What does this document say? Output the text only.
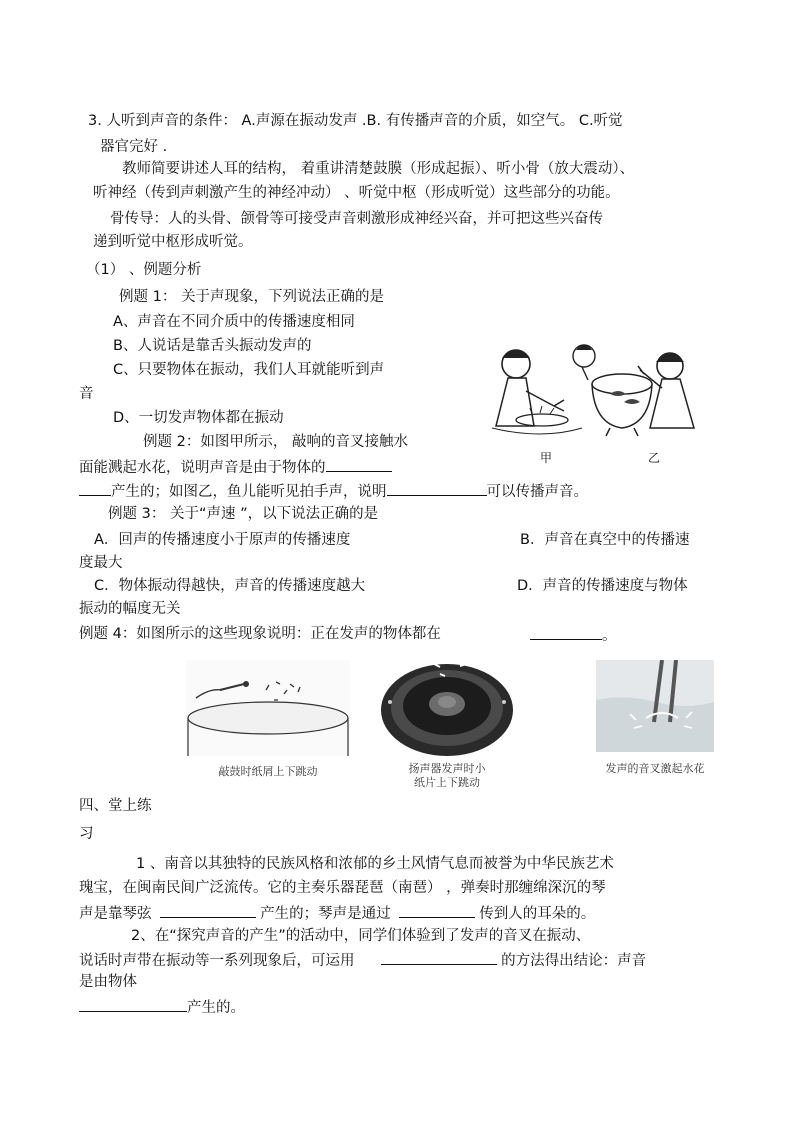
3. 人听到声音的条件： A.声源在振动发声 .B. 有传播声音的介质，如空气。 C.听觉
器官完好 .
教师简要讲述人耳的结构， 着重讲清楚鼓膜（形成起振）、听小骨（放大震动）、
听神经（传到声刺激产生的神经冲动） 、听觉中枢（形成听觉）这些部分的功能。
骨传导：人的头骨、颌骨等可接受声音刺激形成神经兴奋，并可把这些兴奋传
递到听觉中枢形成听觉。
（1） 、例题分析
例题 1： 关于声现象，下列说法正确的是
A、声音在不同介质中的传播速度相同
B、人说话是靠舌头振动发声的
C、只要物体在振动，我们人耳就能听到声
音
D、一切发声物体都在振动
甲	乙
例题 2：如图甲所示， 敲响的音叉接触水
面能溅起水花，说明声音是由于物体的
产生的；如图乙，鱼儿能听见拍手声，说明	可以传播声音。
例题 3： 关于“声速 ”，以下说法正确的是
A．回声的传播速度小于原声的传播速度	B．声音在真空中的传播速
度最大
C．物体振动得越快，声音的传播速度越大	D．声音的传播速度与物体
振动的幅度无关
例题 4：如图所示的这些现象说明：正在发声的物体都在	。
敲鼓时纸屑上下跳动	扬声器发声时小
纸片上下跳动
发声的音叉激起水花
四、堂上练
习
1 、南音以其独特的民族风格和浓郁的乡土风情气息而被誉为中华民族艺术
瑰宝，在闽南民间广泛流传。它的主奏乐器琵琶（南琶） ，弹奏时那缠绵深沉的琴
声是靠琴弦	产生的；琴声是通过	传到人的耳朵的。
2、在“探究声音的产生”的活动中，同学们体验到了发声的音叉在振动、
说话时声带在振动等一系列现象后，可运用	的方法得出结论：声音
是由物体
产生的。
